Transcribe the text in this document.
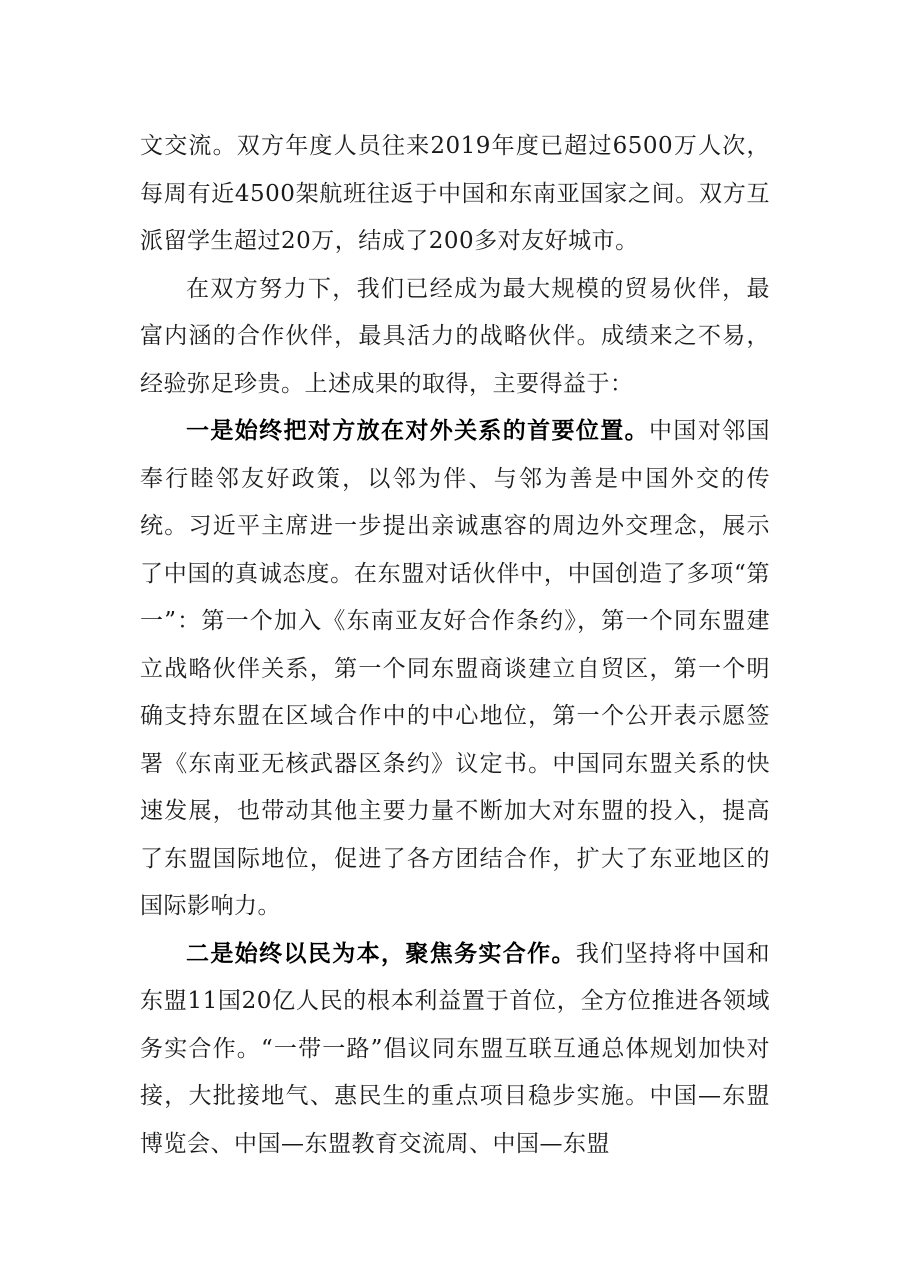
文交流。双方年度人员往来2019年度已超过6500万人次，每周有近4500架航班往返于中国和东南亚国家之间。双方互派留学生超过20万，结成了200多对友好城市。

在双方努力下，我们已经成为最大规模的贸易伙伴，最富内涵的合作伙伴，最具活力的战略伙伴。成绩来之不易，经验弥足珍贵。上述成果的取得，主要得益于：

一是始终把对方放在对外关系的首要位置。中国对邻国奉行睦邻友好政策，以邻为伴、与邻为善是中国外交的传统。习近平主席进一步提出亲诚惠容的周边外交理念，展示了中国的真诚态度。在东盟对话伙伴中，中国创造了多项“第一”：第一个加入《东南亚友好合作条约》，第一个同东盟建立战略伙伴关系，第一个同东盟商谈建立自贸区，第一个明确支持东盟在区域合作中的中心地位，第一个公开表示愿签署《东南亚无核武器区条约》议定书。中国同东盟关系的快速发展，也带动其他主要力量不断加大对东盟的投入，提高了东盟国际地位，促进了各方团结合作，扩大了东亚地区的国际影响力。

二是始终以民为本，聚焦务实合作。我们坚持将中国和东盟11国20亿人民的根本利益置于首位，全方位推进各领域务实合作。“一带一路”倡议同东盟互联互通总体规划加快对接，大批接地气、惠民生的重点项目稳步实施。中国—东盟博览会、中国—东盟教育交流周、中国—东盟
